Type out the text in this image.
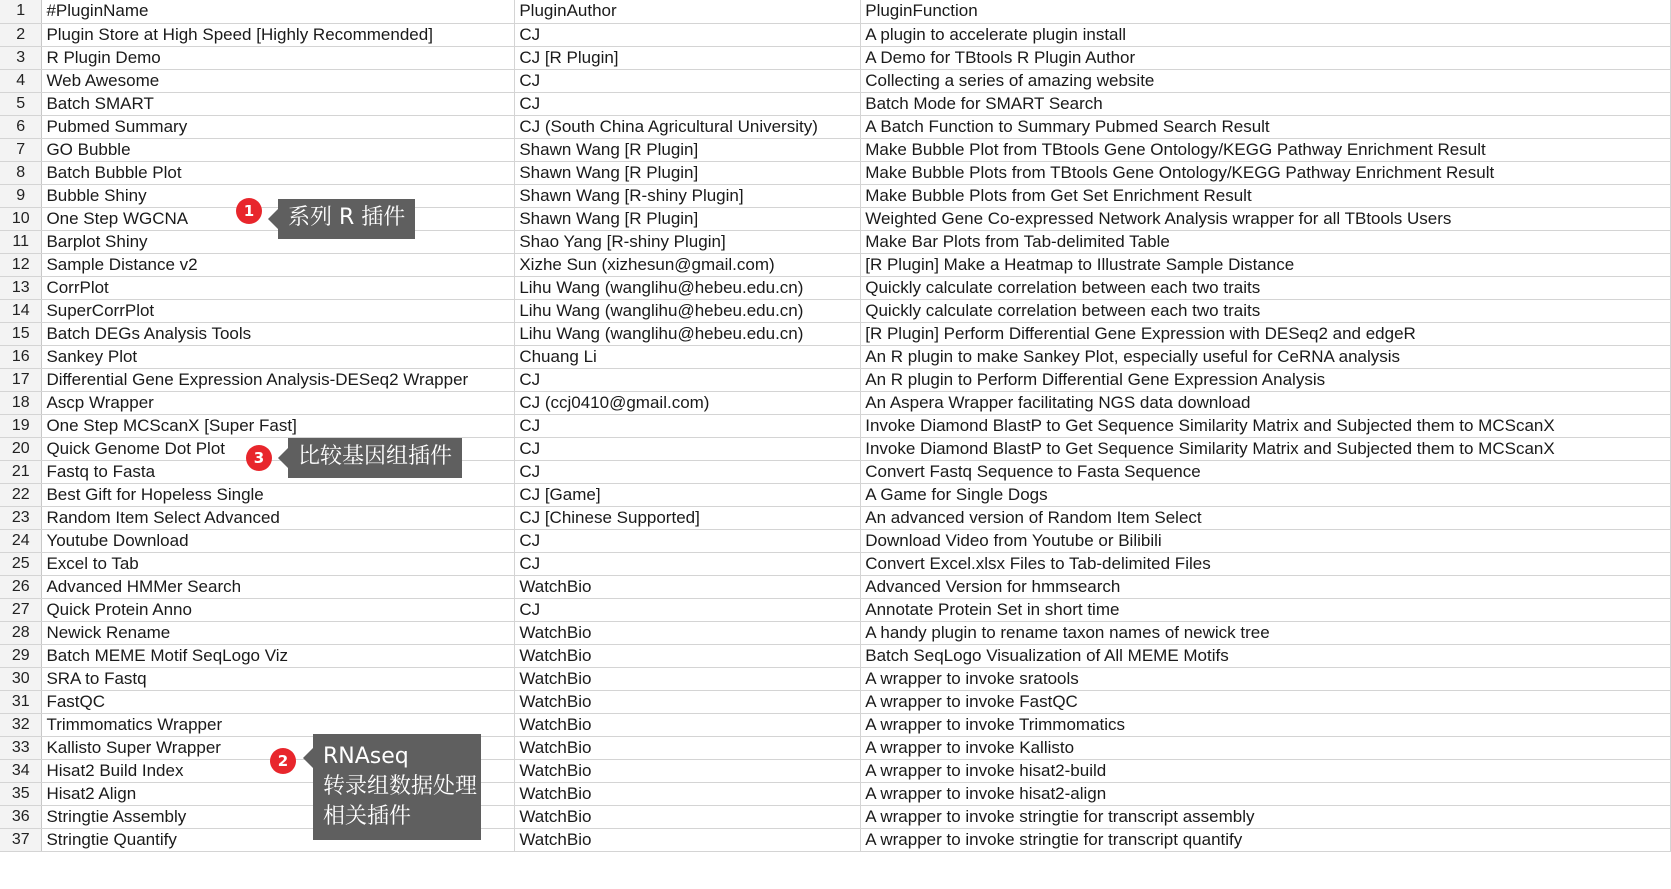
1	#PluginName	PluginAuthor	PluginFunction
2	Plugin Store at High Speed [Highly Recommended]	CJ	A plugin to accelerate plugin install
3	R Plugin Demo	CJ [R Plugin]	A Demo for TBtools R Plugin Author
4	Web Awesome	CJ	Collecting a series of amazing website
5	Batch SMART	CJ	Batch Mode for SMART Search
6	Pubmed Summary	CJ (South China Agricultural University)	A Batch Function to Summary Pubmed Search Result
7	GO Bubble	Shawn Wang [R Plugin]	Make Bubble Plot from TBtools Gene Ontology/KEGG Pathway Enrichment Result
8	Batch Bubble Plot	Shawn Wang [R Plugin]	Make Bubble Plots from TBtools Gene Ontology/KEGG Pathway Enrichment Result
9	Bubble Shiny	Shawn Wang [R-shiny Plugin]	Make Bubble Plots from Get Set Enrichment Result
10	One Step WGCNA	Shawn Wang [R Plugin]	Weighted Gene Co-expressed Network Analysis wrapper for all TBtools Users
11	Barplot Shiny	Shao Yang [R-shiny Plugin]	Make Bar Plots from Tab-delimited Table
12	Sample Distance v2	Xizhe Sun (xizhesun@gmail.com)	[R Plugin] Make a Heatmap to Illustrate Sample Distance
13	CorrPlot	Lihu Wang (wanglihu@hebeu.edu.cn)	Quickly calculate correlation between each two traits
14	SuperCorrPlot	Lihu Wang (wanglihu@hebeu.edu.cn)	Quickly calculate correlation between each two traits
15	Batch DEGs Analysis Tools	Lihu Wang (wanglihu@hebeu.edu.cn)	[R Plugin] Perform Differential Gene Expression with DESeq2 and edgeR
16	Sankey Plot	Chuang Li	An R plugin to make Sankey Plot, especially useful for CeRNA analysis
17	Differential Gene Expression Analysis-DESeq2 Wrapper	CJ	An R plugin to Perform Differential Gene Expression Analysis
18	Ascp Wrapper	CJ (ccj0410@gmail.com)	An Aspera Wrapper facilitating NGS data download
19	One Step MCScanX [Super Fast]	CJ	Invoke Diamond BlastP to Get Sequence Similarity Matrix and Subjected them to MCScanX
20	Quick Genome Dot Plot	CJ	Invoke Diamond BlastP to Get Sequence Similarity Matrix and Subjected them to MCScanX
21	Fastq to Fasta	CJ	Convert Fastq Sequence to Fasta Sequence
22	Best Gift for Hopeless Single	CJ [Game]	A Game for Single Dogs
23	Random Item Select Advanced	CJ [Chinese Supported]	An advanced version of Random Item Select
24	Youtube Download	CJ	Download Video from Youtube or Bilibili
25	Excel to Tab	CJ	Convert Excel.xlsx Files to Tab-delimited Files
26	Advanced HMMer Search	WatchBio	Advanced Version for hmmsearch
27	Quick Protein Anno	CJ	Annotate Protein Set in short time
28	Newick Rename	WatchBio	A handy plugin to rename taxon names of newick tree
29	Batch MEME Motif SeqLogo Viz	WatchBio	Batch SeqLogo Visualization of All MEME Motifs
30	SRA to Fastq	WatchBio	A wrapper to invoke sratools
31	FastQC	WatchBio	A wrapper to invoke FastQC
32	Trimmomatics Wrapper	WatchBio	A wrapper to invoke Trimmomatics
33	Kallisto Super Wrapper	WatchBio	A wrapper to invoke Kallisto
34	Hisat2 Build Index	WatchBio	A wrapper to invoke hisat2-build
35	Hisat2 Align	WatchBio	A wrapper to invoke hisat2-align
36	Stringtie Assembly	WatchBio	A wrapper to invoke stringtie for transcript assembly
37	Stringtie Quantify	WatchBio	A wrapper to invoke stringtie for transcript quantify
1	系列 R 插件
3	比较基因组插件
2	RNAseq
转录组数据处理
相关插件
